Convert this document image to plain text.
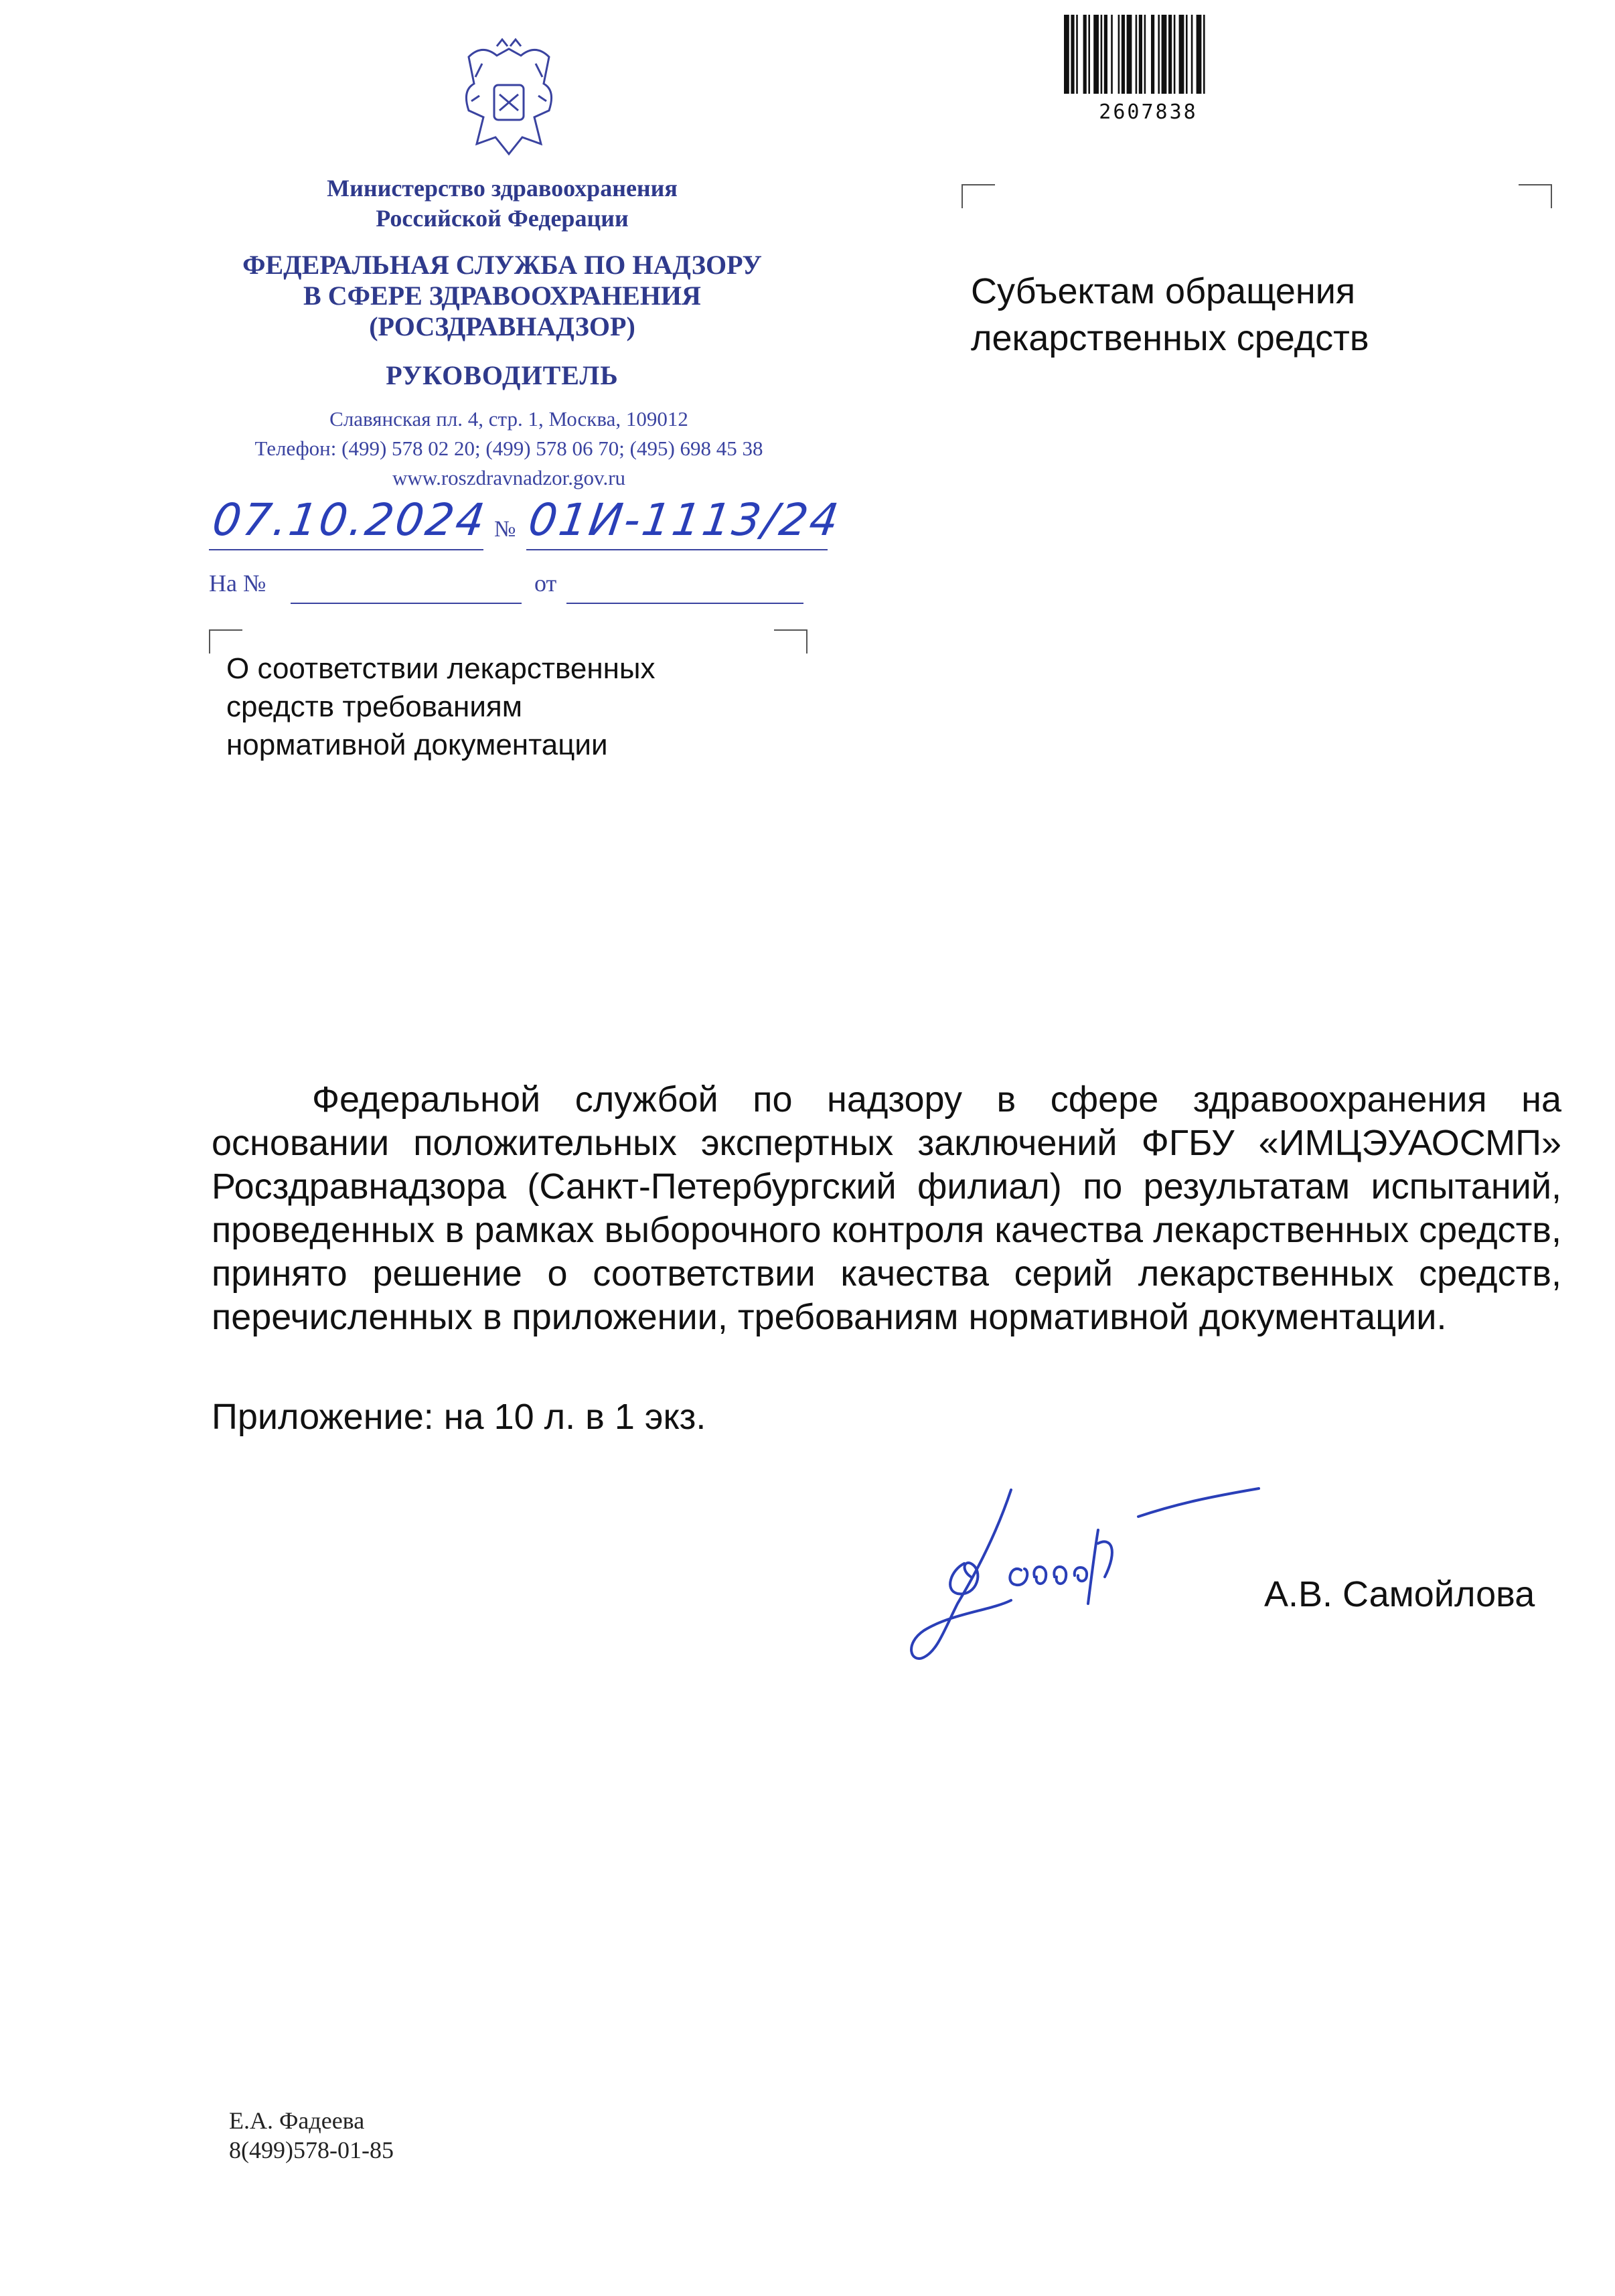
2607838
Министерство здравоохранения
Российской Федерации
ФЕДЕРАЛЬНАЯ СЛУЖБА ПО НАДЗОРУ
В СФЕРЕ ЗДРАВООХРАНЕНИЯ
(РОСЗДРАВНАДЗОР)
РУКОВОДИТЕЛЬ
Славянская пл. 4, стр. 1, Москва, 109012
Телефон: (499) 578 02 20; (499) 578 06 70; (495) 698 45 38
www.roszdravnadzor.gov.ru
07.10.2024 № 01И-1113/24
На №	от
Субъектам обращения
лекарственных средств
О соответствии лекарственных
средств требованиям
нормативной документации

Федеральной службой по надзору в сфере здравоохранения на основании положительных экспертных заключений ФГБУ «ИМЦЭУАОСМП» Росздравнадзора (Санкт-Петербургский филиал) по результатам испытаний, проведенных в рамках выборочного контроля качества лекарственных средств, принято решение о соответствии качества серий лекарственных средств, перечисленных в приложении, требованиям нормативной документации.

Приложение: на 10 л. в 1 экз.
А.В. Самойлова
Е.А. Фадеева
8(499)578-01-85
